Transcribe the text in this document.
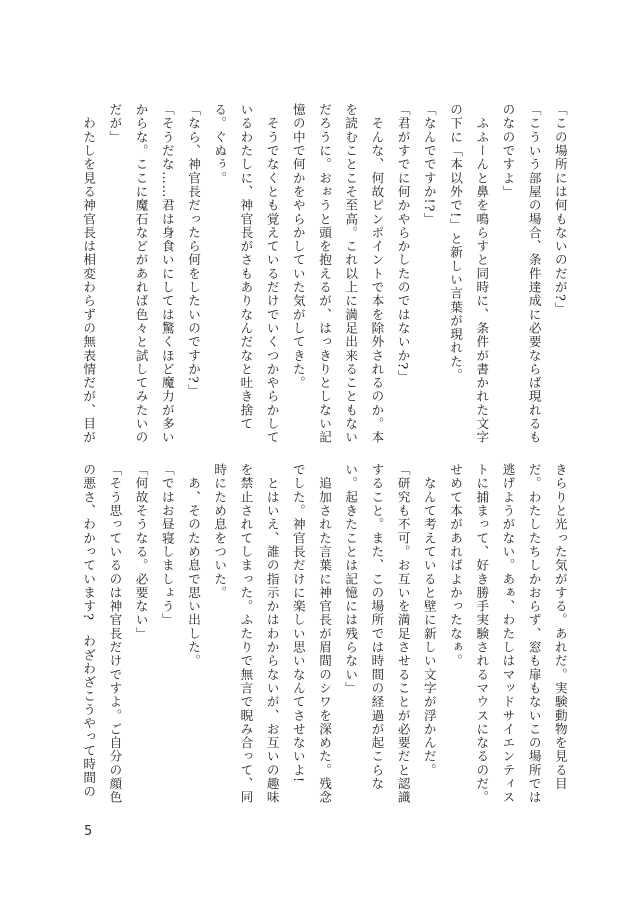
「この場所には何もないのだが?」

「こういう部屋の場合、条件達成に必要ならば現れるものなのですよ」

　ふふーんと鼻を鳴らすと同時に、条件が書かれた文字の下に「本以外で!」と新しい言葉が現れた。

「なんでですか!?」

「君がすでに何かやらかしたのではないか?」

　そんな、何故ピンポイントで本を除外されるのか。本を読むことこそ至高。これ以上に満足出来ることもないだろうに。おぉうと頭を抱えるが、はっきりとしない記憶の中で何かをやらかしていた気がしてきた。

　そうでなくとも覚えているだけでいくつかやらかしているわたしに、神官長がさもありなんだなと吐き捨てる。ぐぬぅ。

「なら、神官長だったら何をしたいのですか?」

「そうだな……君は身食いにしては驚くほど魔力が多いからな。ここに魔石などがあれば色々と試してみたいのだが」

　わたしを見る神官長は相変わらずの無表情だが、目が

きらりと光った気がする。あれだ。実験動物を見る目だ。わたしたちしかおらず、窓も扉もないこの場所では逃げようがない。あぁ、わたしはマッドサイエンティストに捕まって、好き勝手実験されるマウスになるのだ。せめて本があればよかったなぁ。

　なんて考えていると壁に新しい文字が浮かんだ。

「研究も不可。お互いを満足させることが必要だと認識すること。また、この場所では時間の経過が起こらない。起きたことは記憶には残らない」

　追加された言葉に神官長が眉間のシワを深めた。残念でした。神官長だけに楽しい思いなんてさせないよ!

　とはいえ、誰の指示かはわからないが、お互いの趣味を禁止されてしまった。ふたりで無言で睨み合って、同時にため息をついた。

　あ、そのため息で思い出した。

「ではお昼寝しましょう」

「何故そうなる。必要ない」

「そう思っているのは神官長だけですよ。ご自分の顔色の悪さ、わかっています?　わざわざこうやって時間の

5
